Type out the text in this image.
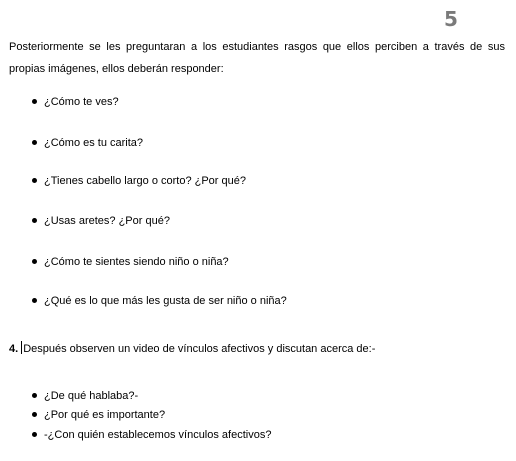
5
Posteriormente se les preguntaran a los estudiantes rasgos que ellos perciben a través de sus propias imágenes, ellos deberán responder:
¿Cómo te ves?
¿Cómo es tu carita?
¿Tienes cabello largo o corto? ¿Por qué?
¿Usas aretes? ¿Por qué?
¿Cómo te sientes siendo niño o niña?
¿Qué es lo que más les gusta de ser niño o niña?
4. Después observen un video de vínculos afectivos y discutan acerca de:-
¿De qué hablaba?-
¿Por qué es importante?
-¿Con quién establecemos vínculos afectivos?
